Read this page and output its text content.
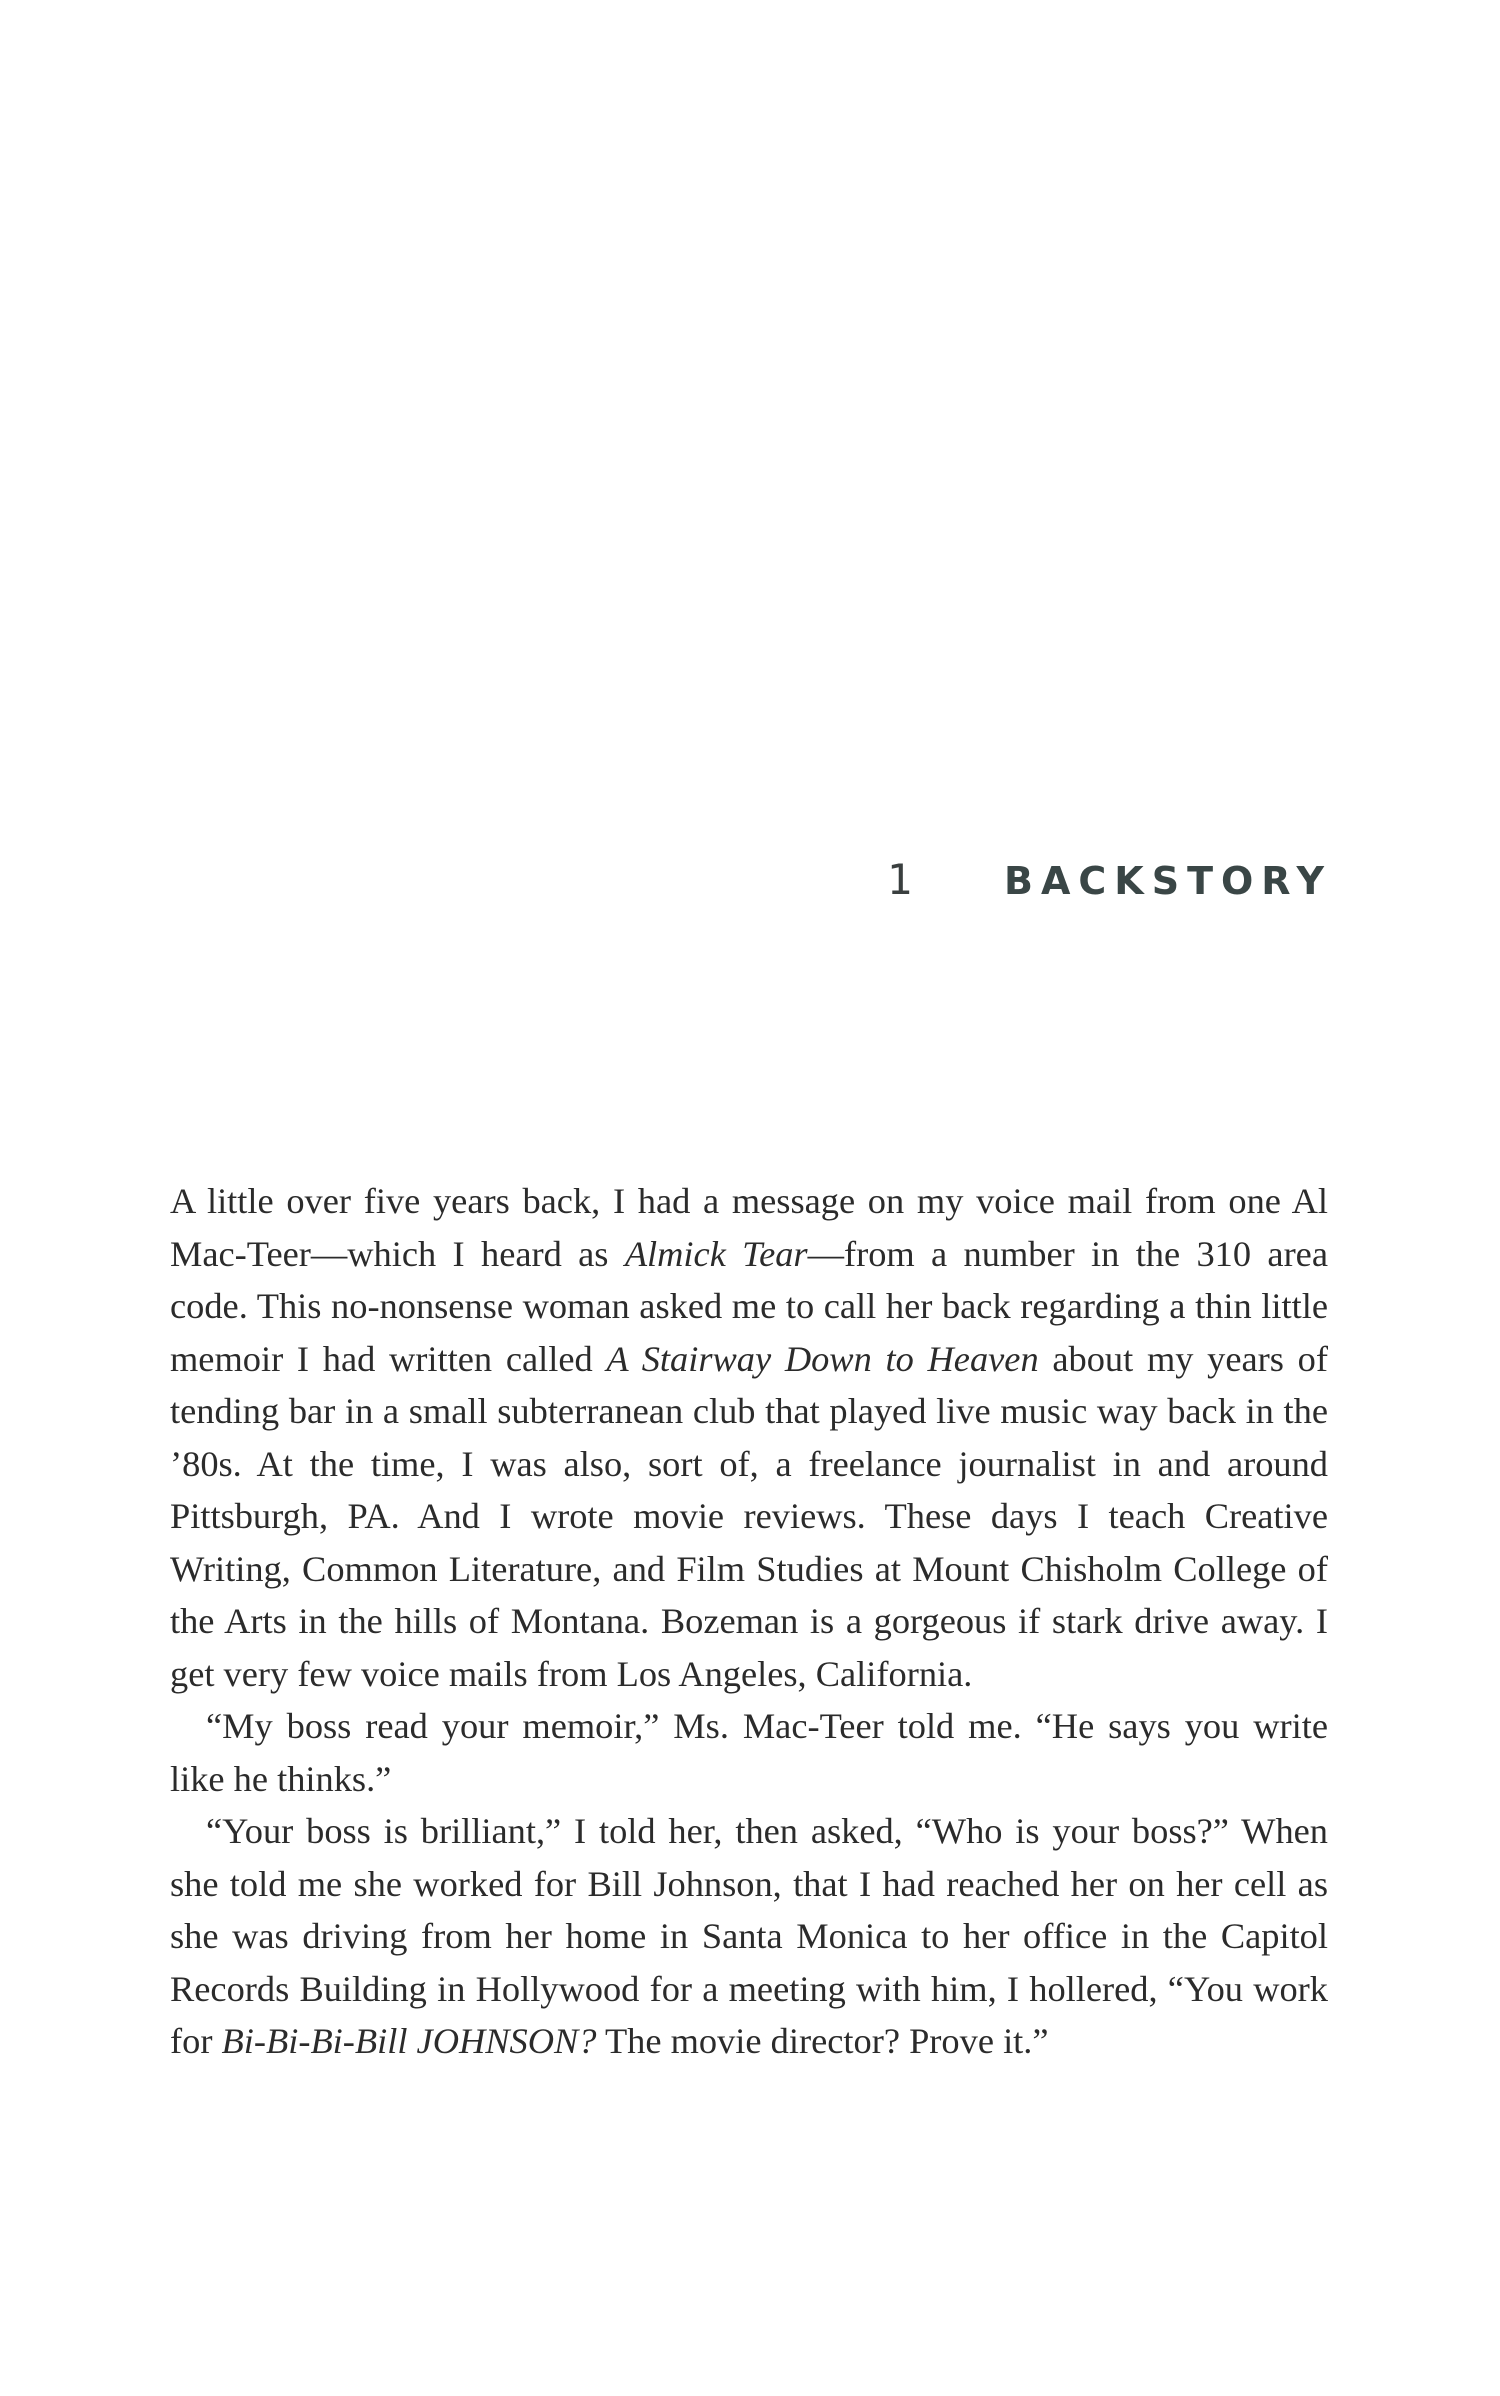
1 BACKSTORY

A little over five years back, I had a message on my voice mail from one Al Mac-Teer—which I heard as Almick Tear—from a number in the 310 area code. This no-nonsense woman asked me to call her back regarding a thin little memoir I had written called A Stairway Down to Heaven about my years of tending bar in a small subterranean club that played live music way back in the ’80s. At the time, I was also, sort of, a freelance journalist in and around Pittsburgh, PA. And I wrote movie reviews. These days I teach Creative Writing, Common Literature, and Film Studies at Mount Chisholm College of the Arts in the hills of Montana. Bozeman is a gorgeous if stark drive away. I get very few voice mails from Los Angeles, California.

“My boss read your memoir,” Ms. Mac-Teer told me. “He says you write like he thinks.”

“Your boss is brilliant,” I told her, then asked, “Who is your boss?” When she told me she worked for Bill Johnson, that I had reached her on her cell as she was driving from her home in Santa Monica to her office in the Capitol Records Building in Hollywood for a meeting with him, I hollered, “You work for Bi-Bi-Bi-Bill JOHNSON? The movie director? Prove it.”
